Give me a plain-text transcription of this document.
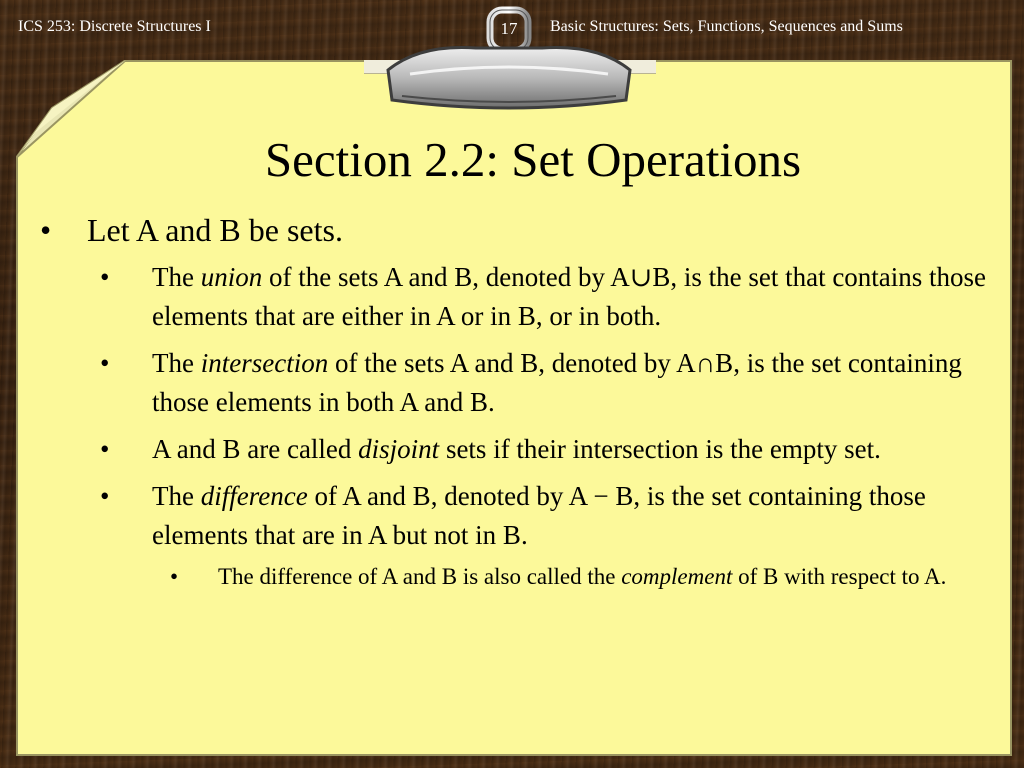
ICS 253: Discrete Structures I	17	Basic Structures: Sets, Functions, Sequences and Sums
Section 2.2: Set Operations
• Let A and B be sets.
• The union of the sets A and B, denoted by A∪B, is the set that contains those elements that are either in A or in B, or in both.
• The intersection of the sets A and B, denoted by A∩B, is the set containing those elements in both A and B.
• A and B are called disjoint sets if their intersection is the empty set.
• The difference of A and B, denoted by A − B, is the set containing those elements that are in A but not in B.
• The difference of A and B is also called the complement of B with respect to A.
